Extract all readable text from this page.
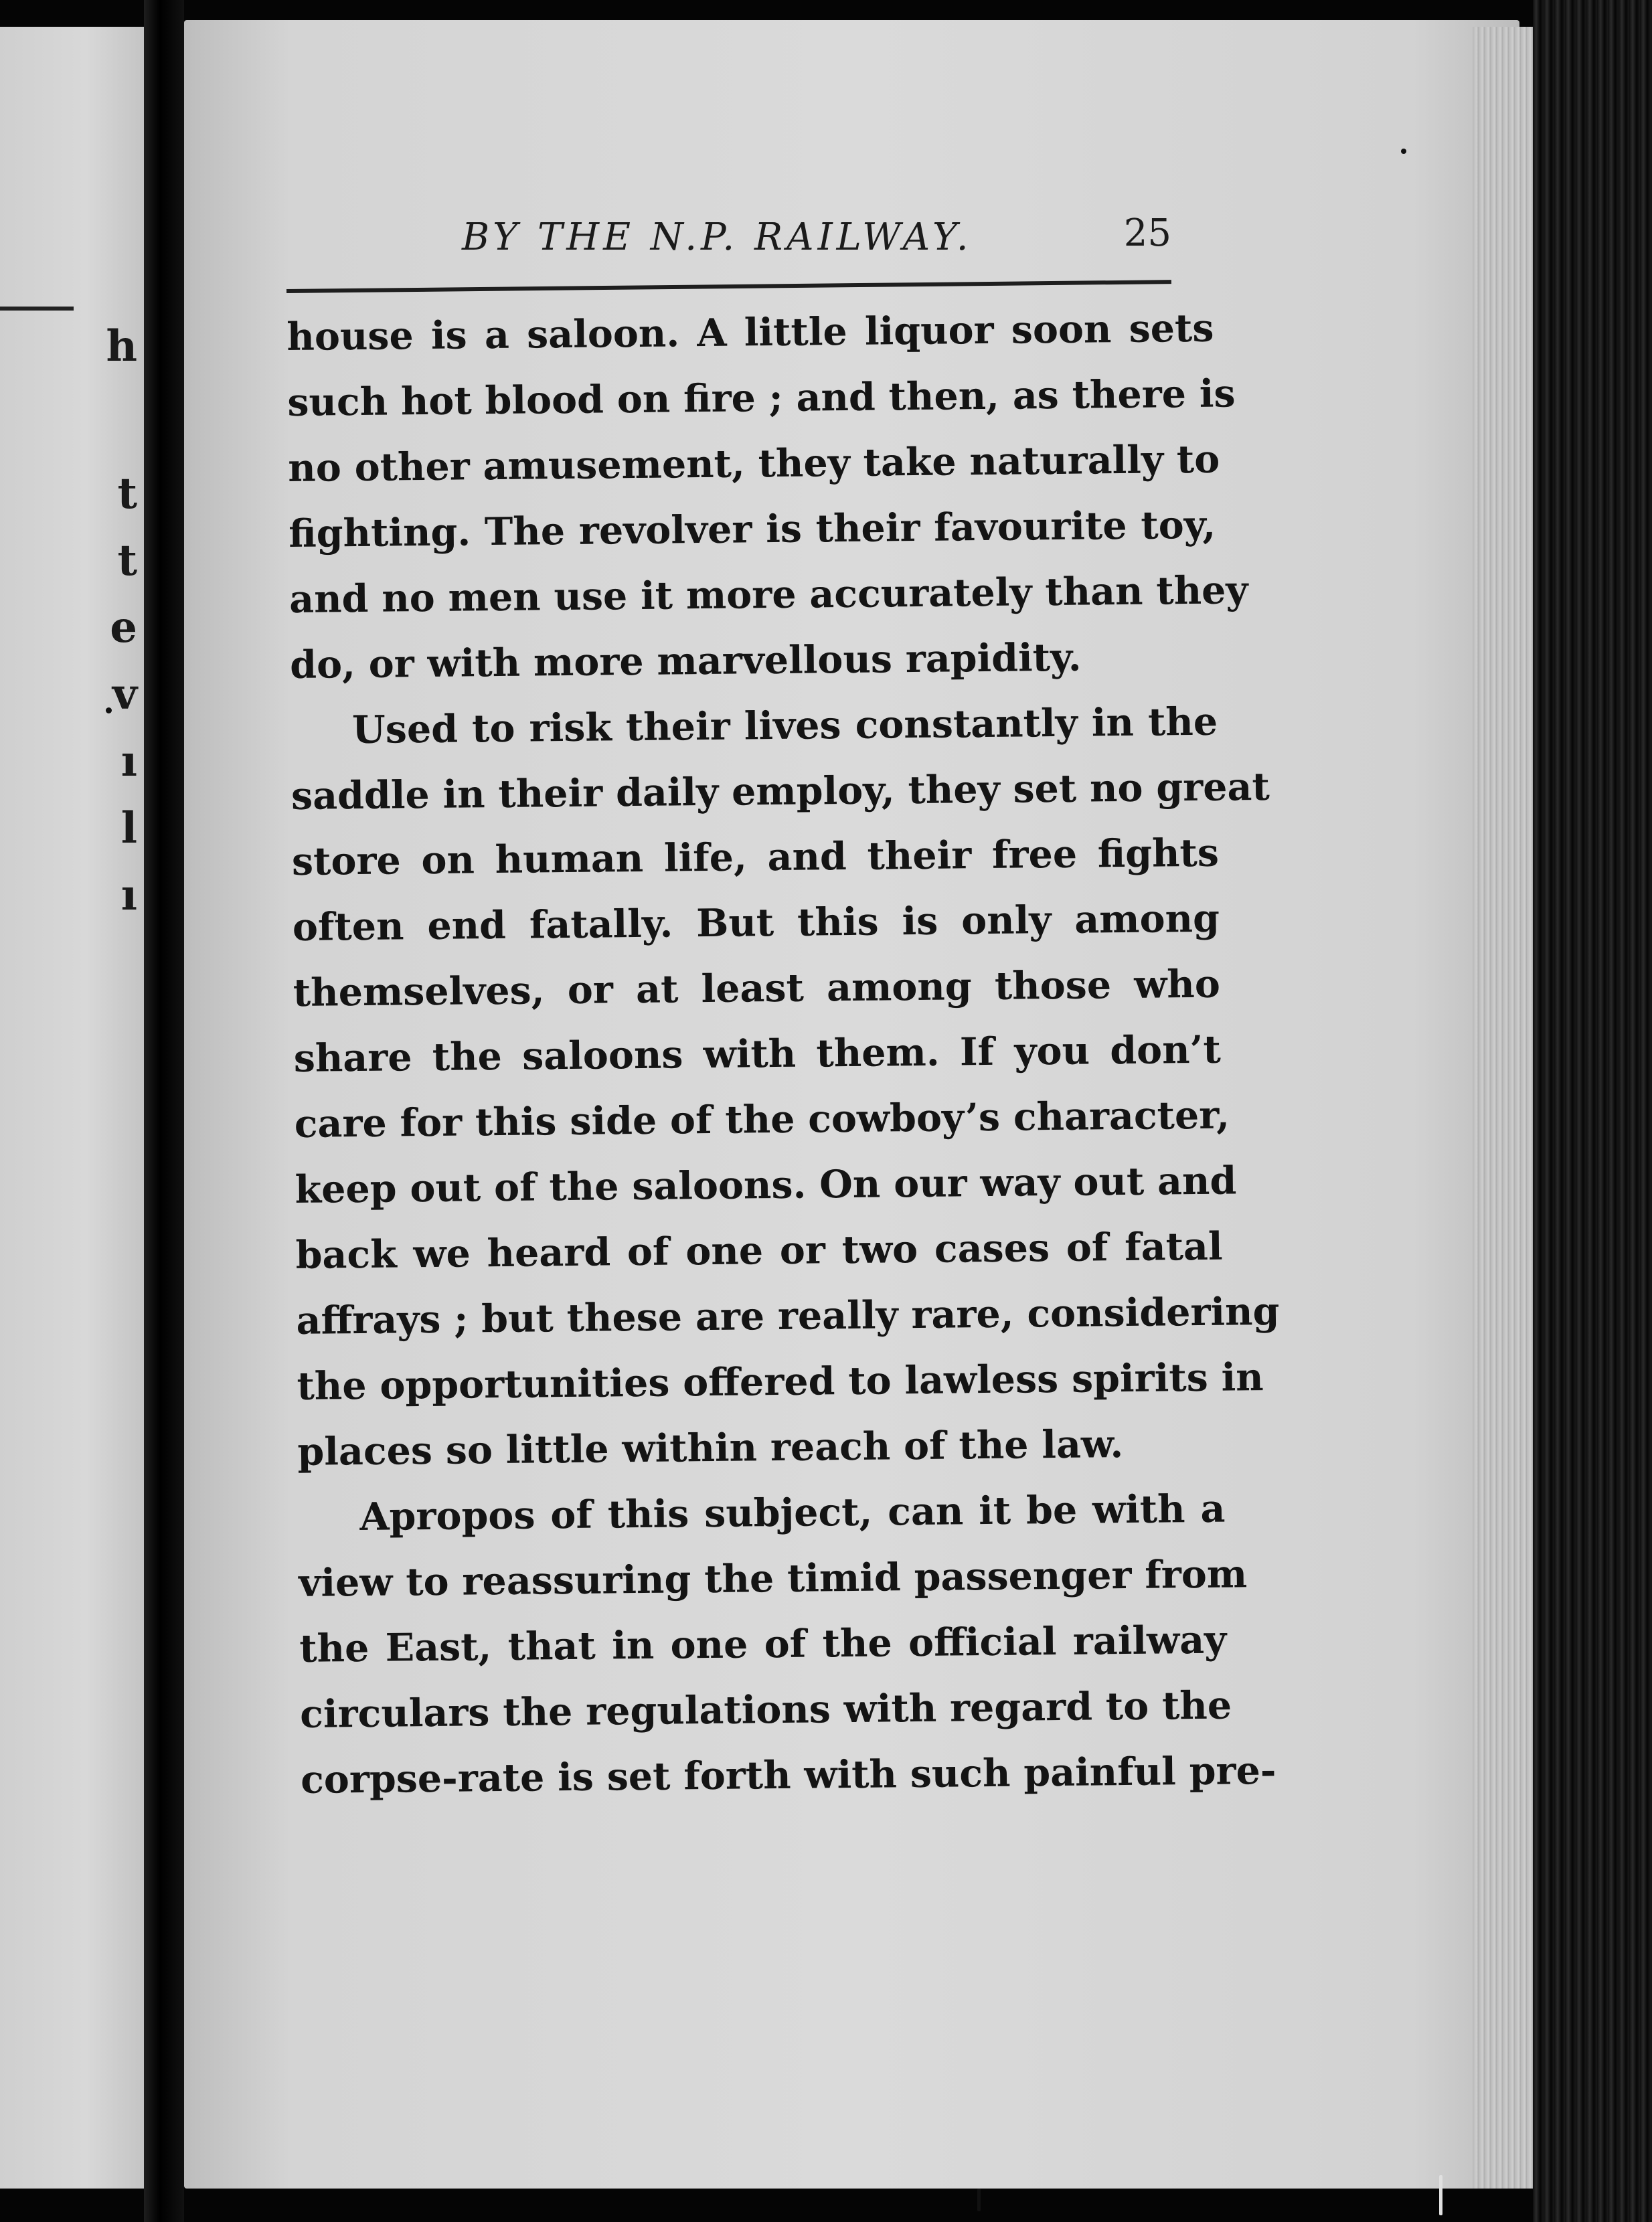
h
t
t
e
v
ı
l
ı
BY THE N.P. RAILWAY.	25
house is a saloon. A little liquor soon sets
such hot blood on fire ; and then, as there is
no other amusement, they take naturally to
fighting. The revolver is their favourite toy,
and no men use it more accurately than they
do, or with more marvellous rapidity.
Used to risk their lives constantly in the
saddle in their daily employ, they set no great
store on human life, and their free fights
often end fatally. But this is only among
themselves, or at least among those who
share the saloons with them. If you don’t
care for this side of the cowboy’s character,
keep out of the saloons. On our way out and
back we heard of one or two cases of fatal
affrays ; but these are really rare, considering
the opportunities offered to lawless spirits in
places so little within reach of the law.
Apropos of this subject, can it be with a
view to reassuring the timid passenger from
the East, that in one of the official railway
circulars the regulations with regard to the
corpse-rate is set forth with such painful pre-
